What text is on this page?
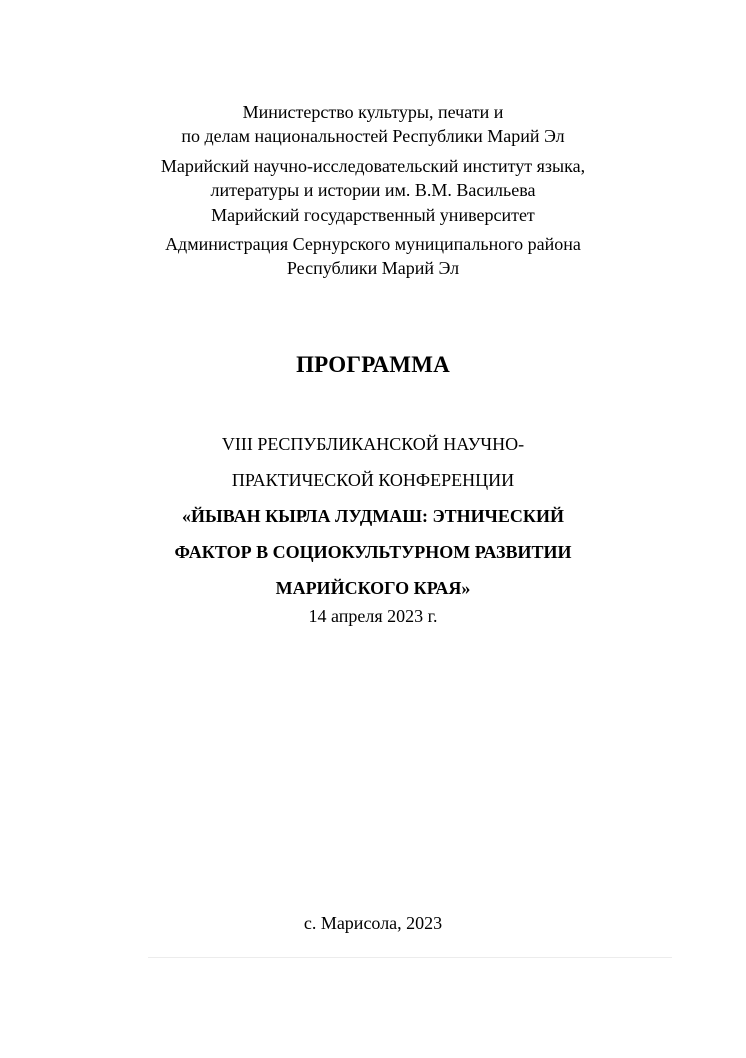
Министерство культуры, печати и
по делам национальностей Республики Марий Эл
Марийский научно-исследовательский институт языка,
литературы и истории им. В.М. Васильева
Марийский государственный университет
Администрация Сернурского муниципального района
Республики Марий Эл
ПРОГРАММА
VIII РЕСПУБЛИКАНСКОЙ НАУЧНО-
ПРАКТИЧЕСКОЙ КОНФЕРЕНЦИИ
«ЙЫВАН КЫРЛА ЛУДМАШ: ЭТНИЧЕСКИЙ
ФАКТОР В СОЦИОКУЛЬТУРНОМ РАЗВИТИИ
МАРИЙСКОГО КРАЯ»
14 апреля 2023 г.
с. Марисола, 2023
